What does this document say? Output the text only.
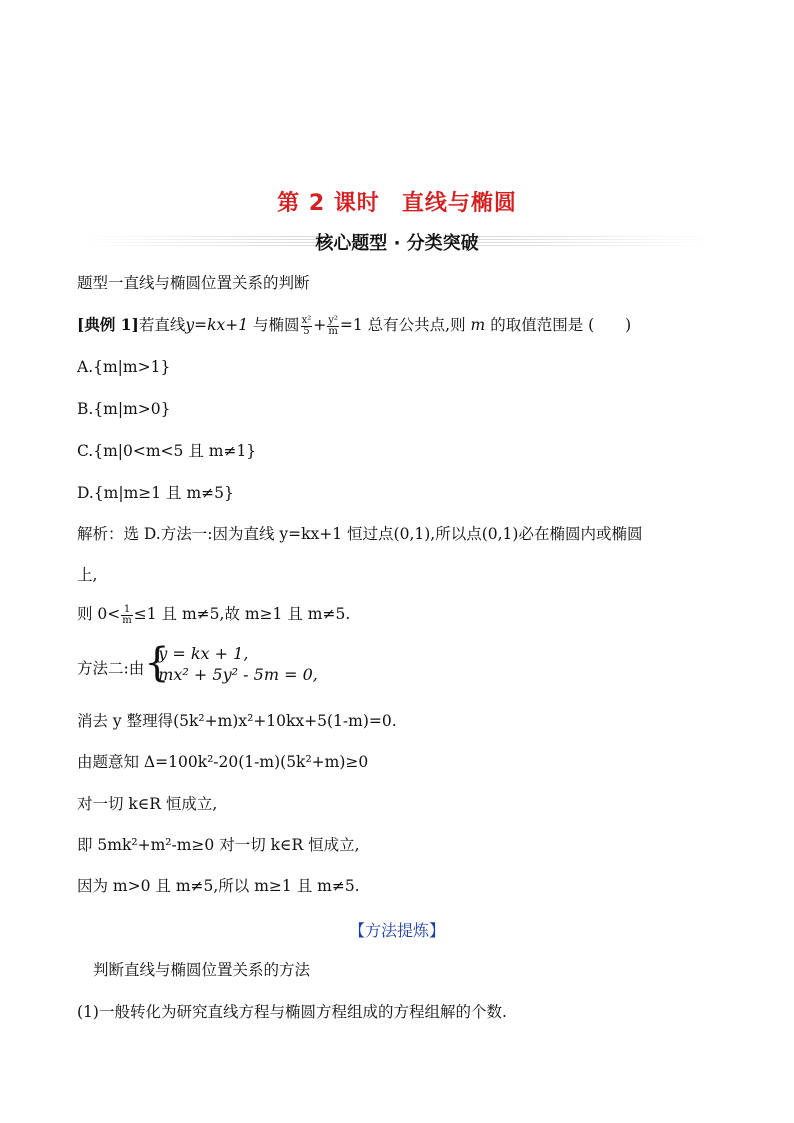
第 2 课时 直线与椭圆
核心题型 · 分类突破
题型一直线与椭圆位置关系的判断
[典例 1]若直线y=kx+1 与椭圆 $\frac{\text{x²}}{5} + \frac{\text{y²}}{m} =1$ 总有公共点,则 m 的取值范围是 (　　)
A.{m|m>1}
B.{m|m>0}
C.{m|0<m<5 且 m≠1}
D.{m|m≥1 且 m≠5}
解析：选 D.方法一:因为直线 y=kx+1 恒过点(0,1),所以点(0,1)必在椭圆内或椭圆
上,
则 $0< \frac{1}{m} \le 1$ 且 m≠5,故 m≥1 且 m≠5.
方法二:由 {
y = kx + 1,
mx² + 5y² - 5m = 0,
消去 y 整理得(5k²+m)x²+10kx+5(1-m)=0.
由题意知 Δ=100k²-20(1-m)(5k²+m)≥0
对一切 k∈R 恒成立,
即 5mk²+m²-m≥0 对一切 k∈R 恒成立,
因为 m>0 且 m≠5,所以 m≥1 且 m≠5.
【方法提炼】
判断直线与椭圆位置关系的方法
(1)一般转化为研究直线方程与椭圆方程组成的方程组解的个数.
